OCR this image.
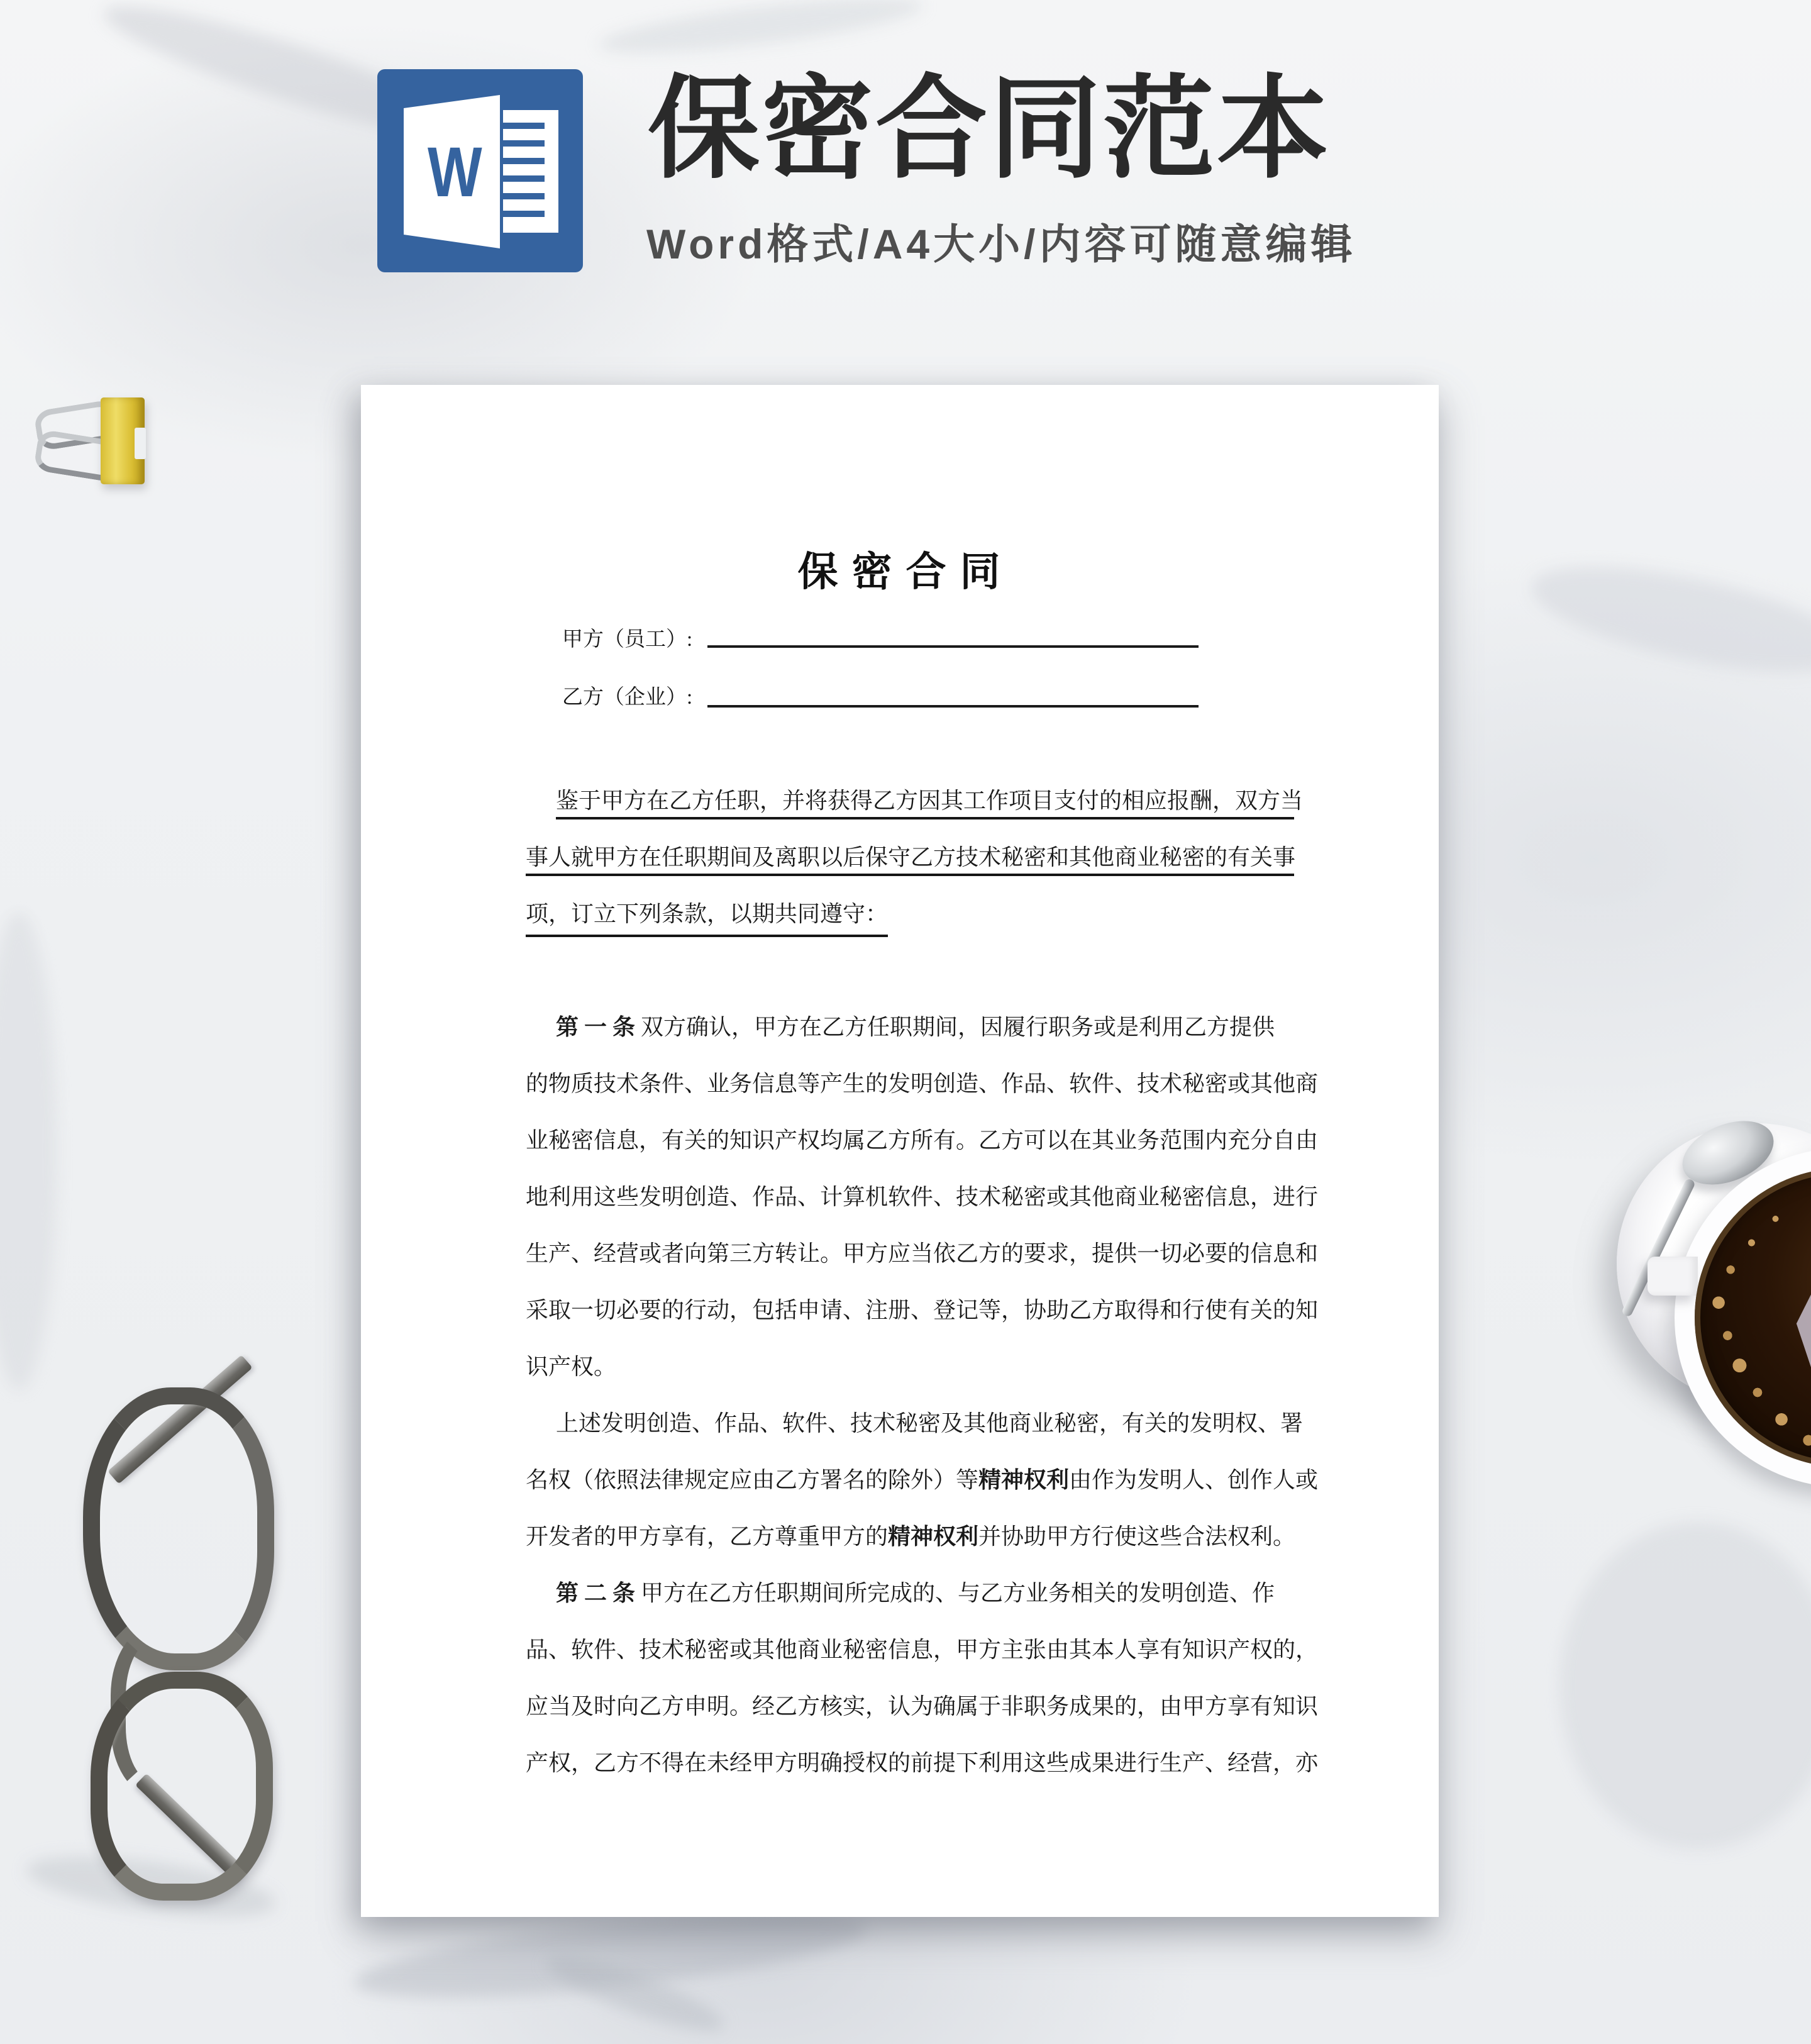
W 保密合同范本
Word格式/A4大小/内容可随意编辑
保 密 合 同
甲方（员工）:
乙方（企业）:
鉴于甲方在乙方任职，并将获得乙方因其工作项目支付的相应报酬，双方当
事人就甲方在任职期间及离职以后保守乙方技术秘密和其他商业秘密的有关事
项，订立下列条款，以期共同遵守：
第 一 条 双方确认，甲方在乙方任职期间，因履行职务或是利用乙方提供
的物质技术条件、业务信息等产生的发明创造、作品、软件、技术秘密或其他商
业秘密信息，有关的知识产权均属乙方所有。乙方可以在其业务范围内充分自由
地利用这些发明创造、作品、计算机软件、技术秘密或其他商业秘密信息，进行
生产、经营或者向第三方转让。甲方应当依乙方的要求，提供一切必要的信息和
采取一切必要的行动，包括申请、注册、登记等，协助乙方取得和行使有关的知
识产权。
上述发明创造、作品、软件、技术秘密及其他商业秘密，有关的发明权、署
名权（依照法律规定应由乙方署名的除外）等精神权利由作为发明人、创作人或
开发者的甲方享有，乙方尊重甲方的精神权利并协助甲方行使这些合法权利。
第 二 条 甲方在乙方任职期间所完成的、与乙方业务相关的发明创造、作
品、软件、技术秘密或其他商业秘密信息，甲方主张由其本人享有知识产权的，
应当及时向乙方申明。经乙方核实，认为确属于非职务成果的，由甲方享有知识
产权，乙方不得在未经甲方明确授权的前提下利用这些成果进行生产、经营，亦
